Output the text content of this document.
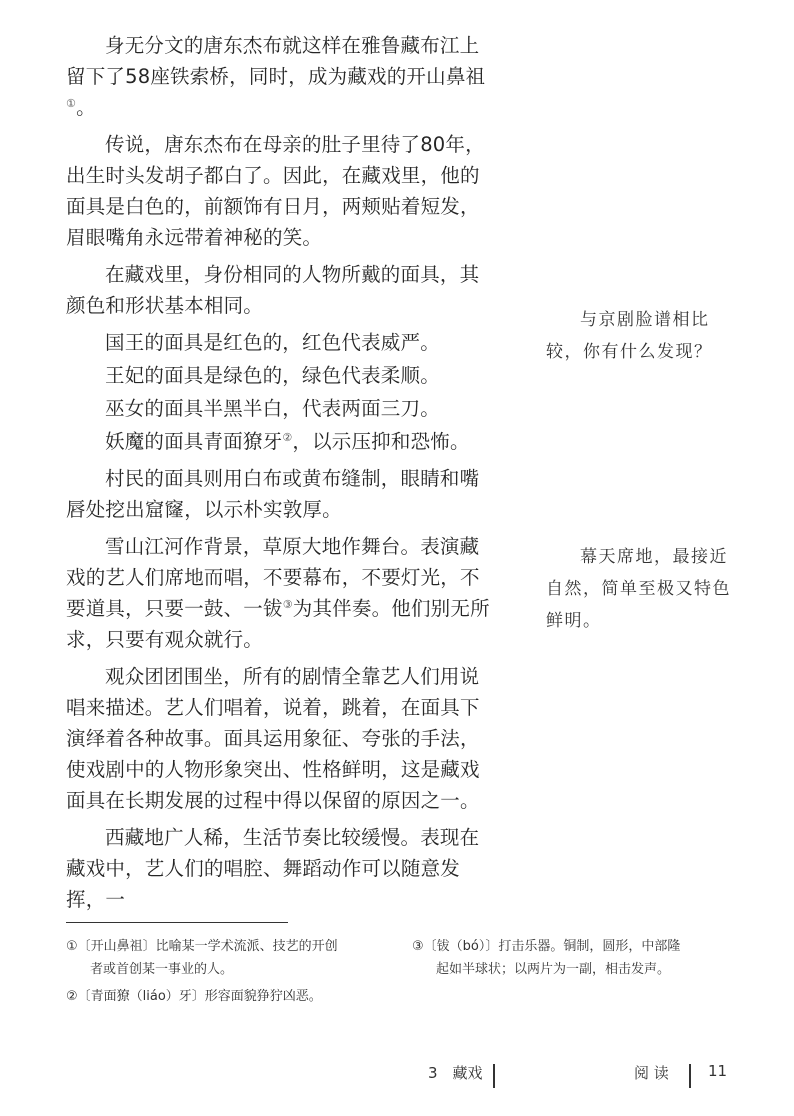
身无分文的唐东杰布就这样在雅鲁藏布江上留下了58座铁索桥，同时，成为藏戏的开山鼻祖①。

传说，唐东杰布在母亲的肚子里待了80年，出生时头发胡子都白了。因此，在藏戏里，他的面具是白色的，前额饰有日月，两颊贴着短发，眉眼嘴角永远带着神秘的笑。

在藏戏里，身份相同的人物所戴的面具，其颜色和形状基本相同。

国王的面具是红色的，红色代表威严。

王妃的面具是绿色的，绿色代表柔顺。

巫女的面具半黑半白，代表两面三刀。

妖魔的面具青面獠牙②，以示压抑和恐怖。

村民的面具则用白布或黄布缝制，眼睛和嘴唇处挖出窟窿，以示朴实敦厚。

雪山江河作背景，草原大地作舞台。表演藏戏的艺人们席地而唱，不要幕布，不要灯光，不要道具，只要一鼓、一钹③为其伴奏。他们别无所求，只要有观众就行。

观众团团围坐，所有的剧情全靠艺人们用说唱来描述。艺人们唱着，说着，跳着，在面具下演绎着各种故事。面具运用象征、夸张的手法，使戏剧中的人物形象突出、性格鲜明，这是藏戏面具在长期发展的过程中得以保留的原因之一。

西藏地广人稀，生活节奏比较缓慢。表现在藏戏中，艺人们的唱腔、舞蹈动作可以随意发挥，一

与京剧脸谱相比较，你有什么发现？

幕天席地，最接近自然，简单至极又特色鲜明。

①〔开山鼻祖〕比喻某一学术流派、技艺的开创
者或首创某一事业的人。
②〔青面獠（liáo）牙〕形容面貌狰狞凶恶。
③〔钹（bó）〕打击乐器。铜制，圆形，中部隆
起如半球状；以两片为一副，相击发声。
3　藏戏	阅 读	11
